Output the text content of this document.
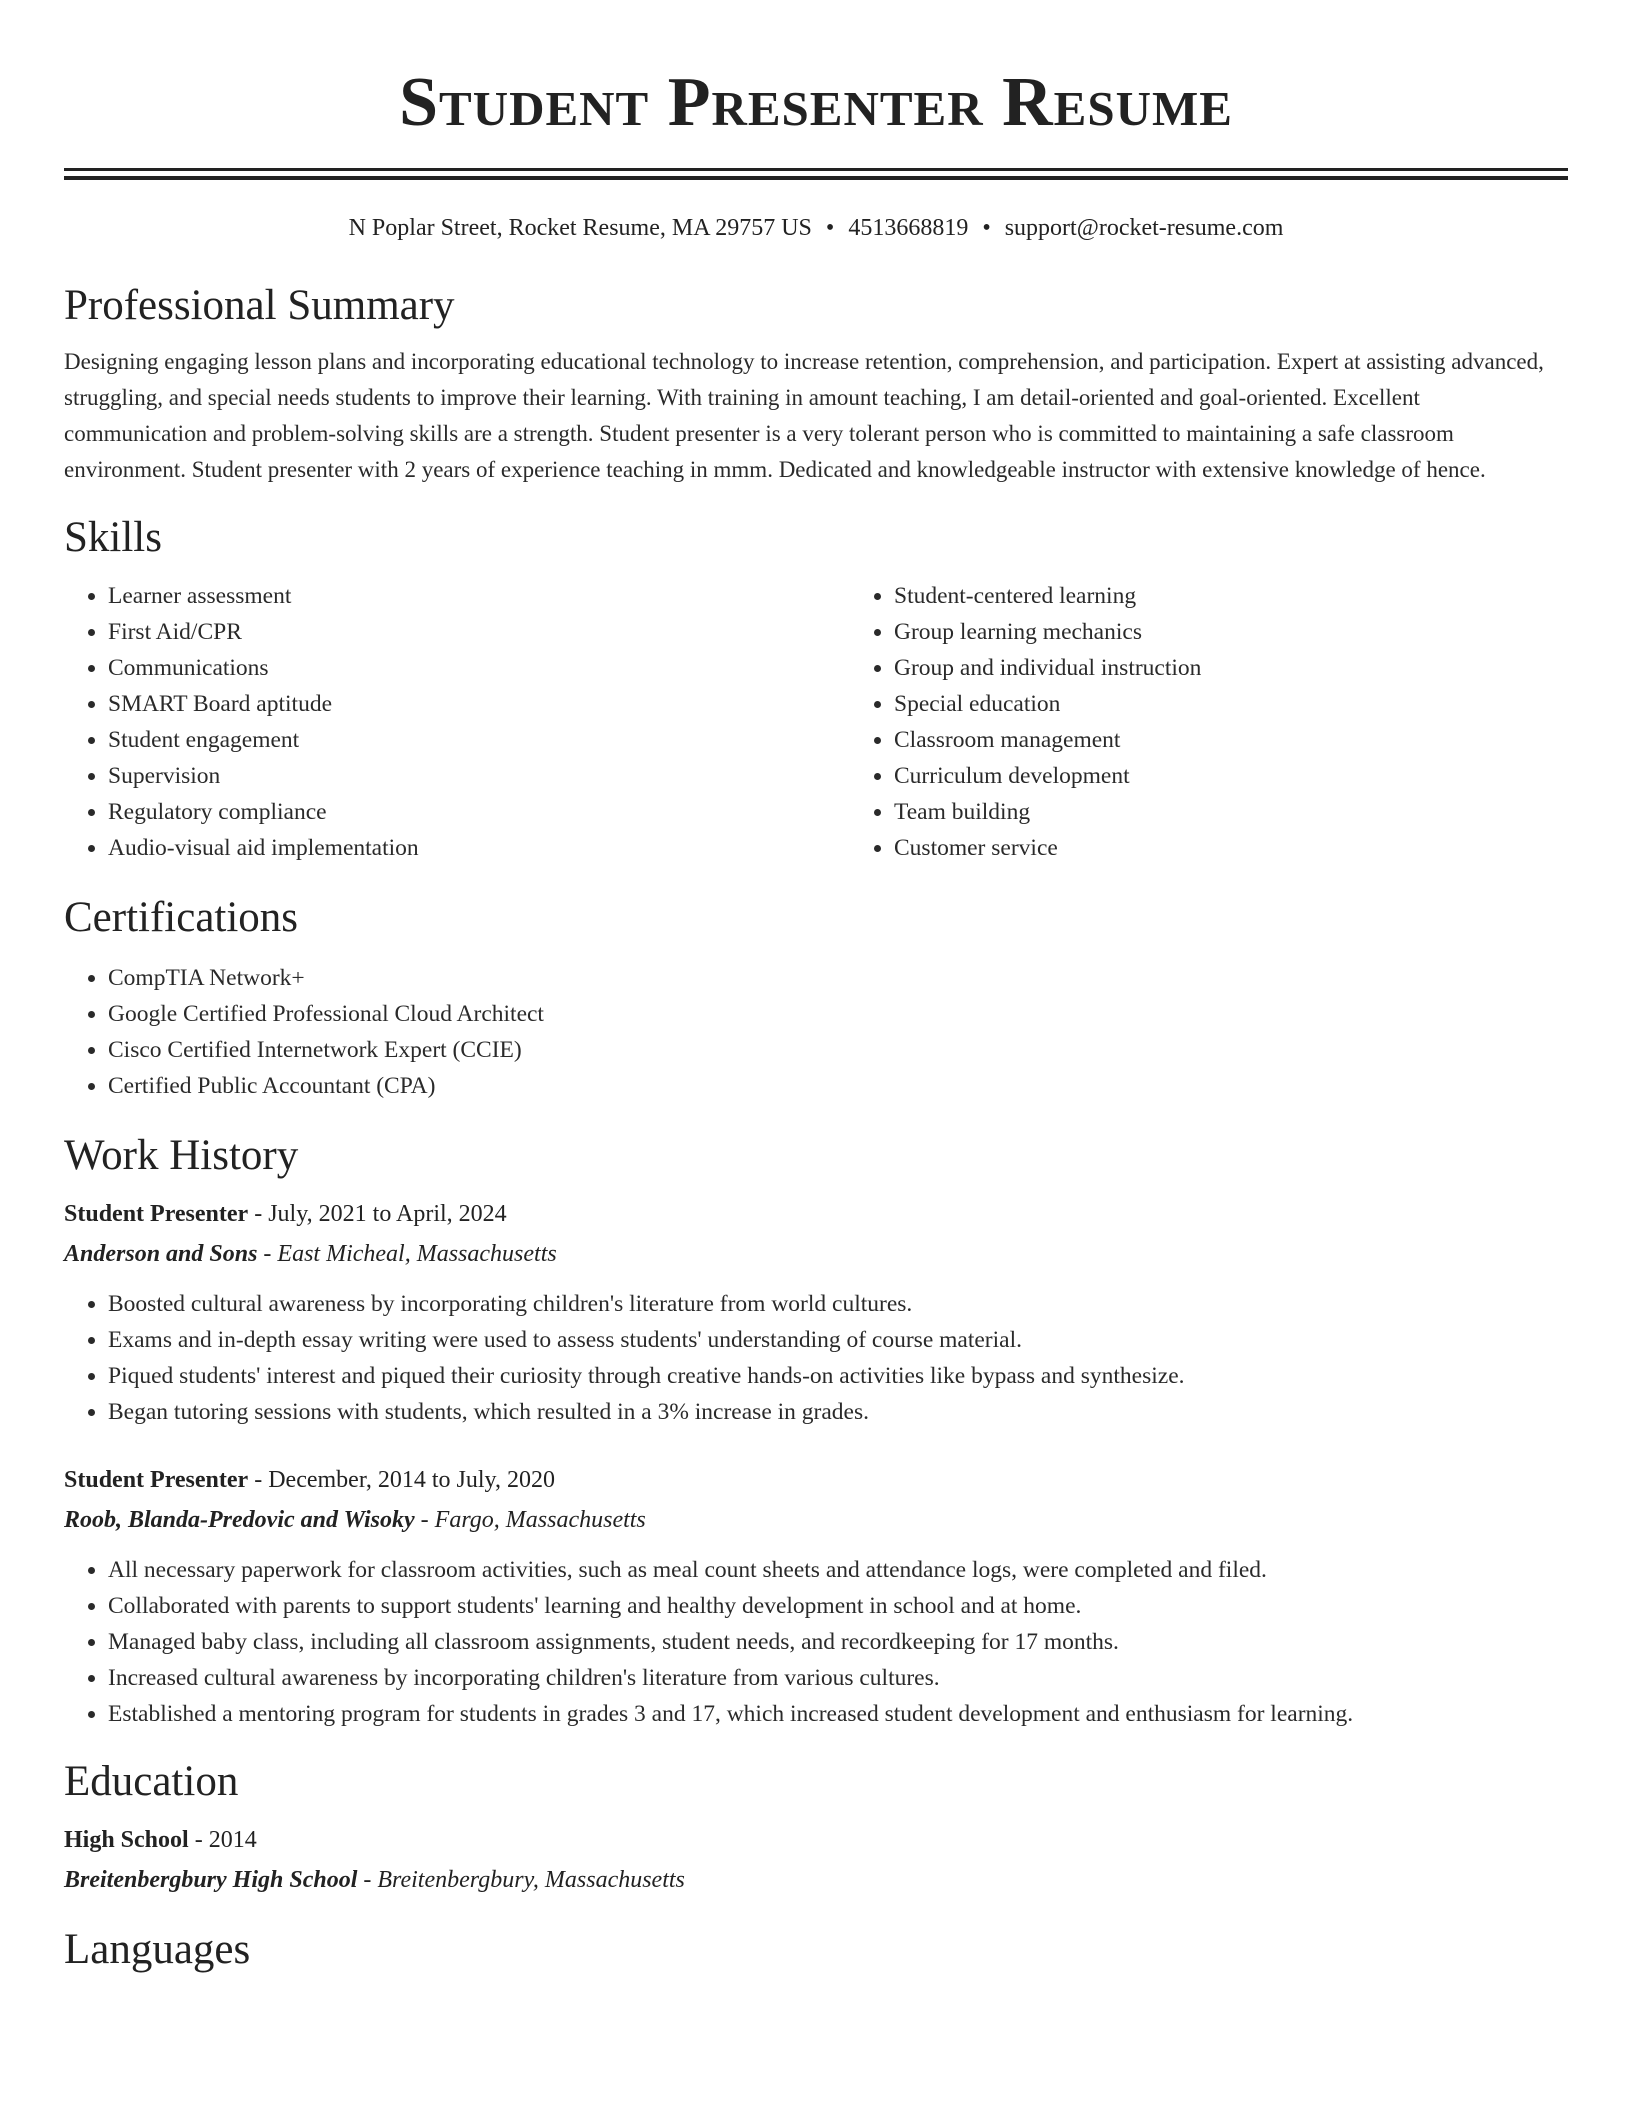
Student Presenter Resume
N Poplar Street, Rocket Resume, MA 29757 US • 4513668819 • support@rocket-resume.com
Professional Summary

Designing engaging lesson plans and incorporating educational technology to increase retention, comprehension, and participation. Expert at assisting advanced, struggling, and special needs students to improve their learning. With training in amount teaching, I am detail-oriented and goal-oriented. Excellent communication and problem-solving skills are a strength. Student presenter is a very tolerant person who is committed to maintaining a safe classroom environment. Student presenter with 2 years of experience teaching in mmm. Dedicated and knowledgeable instructor with extensive knowledge of hence.

Skills
• Learner assessment
• First Aid/CPR
• Communications
• SMART Board aptitude
• Student engagement
• Supervision
• Regulatory compliance
• Audio-visual aid implementation
• Student-centered learning
• Group learning mechanics
• Group and individual instruction
• Special education
• Classroom management
• Curriculum development
• Team building
• Customer service
Certifications
• CompTIA Network+
• Google Certified Professional Cloud Architect
• Cisco Certified Internetwork Expert (CCIE)
• Certified Public Accountant (CPA)
Work History
Student Presenter - July, 2021 to April, 2024
Anderson and Sons - East Micheal, Massachusetts
• Boosted cultural awareness by incorporating children's literature from world cultures.
• Exams and in-depth essay writing were used to assess students' understanding of course material.
• Piqued students' interest and piqued their curiosity through creative hands-on activities like bypass and synthesize.
• Began tutoring sessions with students, which resulted in a 3% increase in grades.
Student Presenter - December, 2014 to July, 2020
Roob, Blanda-Predovic and Wisoky - Fargo, Massachusetts
• All necessary paperwork for classroom activities, such as meal count sheets and attendance logs, were completed and filed.
• Collaborated with parents to support students' learning and healthy development in school and at home.
• Managed baby class, including all classroom assignments, student needs, and recordkeeping for 17 months.
• Increased cultural awareness by incorporating children's literature from various cultures.
• Established a mentoring program for students in grades 3 and 17, which increased student development and enthusiasm for learning.
Education
High School - 2014
Breitenbergbury High School - Breitenbergbury, Massachusetts
Languages
